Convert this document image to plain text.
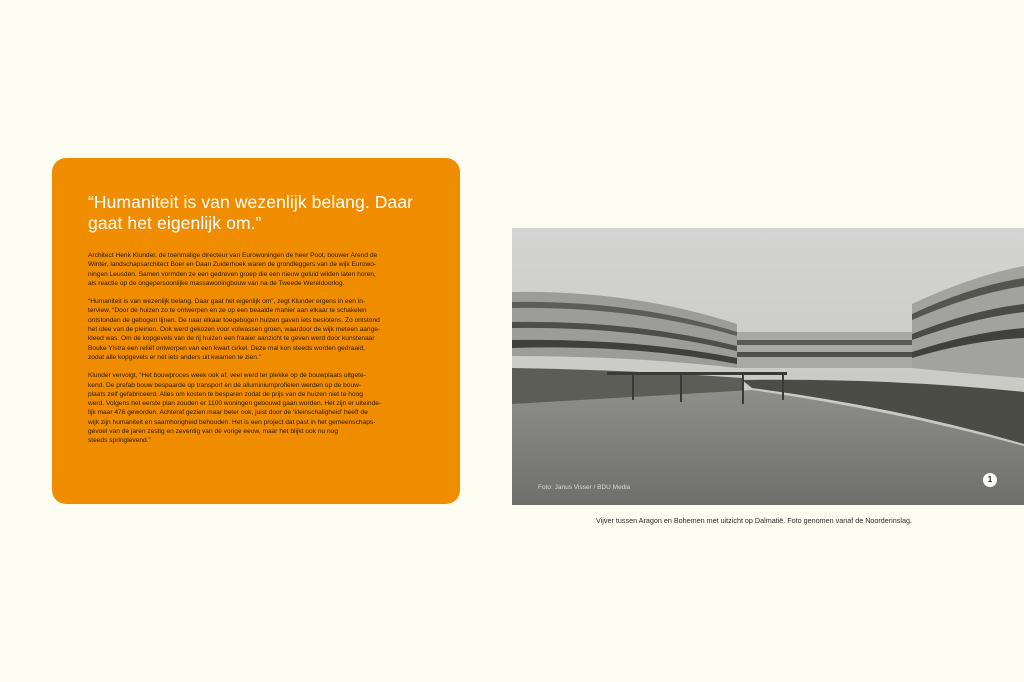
“Humaniteit is van wezenlijk belang. Daar gaat het eigenlijk om.”

Architect Henk Klunder, de toenmalige directeur van Eurowoningen de heer Poot, bouwer Arend de
Winter, landschapsarchitect Boer en Daan Zuiderhoek waren de grondleggers van de wijk Eurowo-
ningen Leusden. Samen vormden ze een gedreven groep die een nieuw geluid wilden laten horen,
als reactie op de ongepersoonlijke massawoningbouw van na de Tweede Wereldoorlog.

“Humaniteit is van wezenlijk belang. Daar gaat het eigenlijk om”, zegt Klunder ergens in een in-
terview. “Door de huizen zo te ontwerpen en ze op een beaalde manier aan elkaar te schakelen
ontstonden de gebogen lijnen. De naar elkaar toegebogen huizen gaven iets besiotens. Zo ontstond
het idee van de pleinen. Ook werd gekozen voor volwassen groen, waardoor de wijk meteen aange-
kleed was. Om de kopgevels van de rij huizen een fraaier aanzicht te geven werd door kunstenaar
Bouke Ylstra een reliëf ontworpen van een kwart cirkel. Deze mal kon steeds worden gedraaid,
zodat alle kopgevels er nét iets anders uit kwamen te zien.”

Klunder vervolgt, “Het bouwproces week ook af, veel werd ter plekke op de bouwplaats uitgete-
kend. De prefab bouw bespaarde op transport en de alluminiumprofielen werden op de bouw-
plaats zelf gefabriceerd. Alles om kosten te besparen zodat de prijs van de huizen niet te hoog
werd. Volgens het eerste plan zouden er 1100 woningen gebouwd gaan worden. Het zijn er uiteinde-
lijk maar 476 geworden. Achteraf gezien maar beter ook, juist door de ‘kleinschaligheid’ heeft de
wijk zijn humaniteit en saamhorigheid behouden. Het is een project dat past in het gemeenschaps-
gevoel van de jaren zestig en zeventig van de vorige eeuw, maar het blijkt ook nu nog
steeds springlevend.”

Foto: Janus Visser / BDU Media
1
Vijver tussen Aragon en Bohemen met uitzicht op Dalmatië. Foto genomen vanaf de Noorderinslag.
